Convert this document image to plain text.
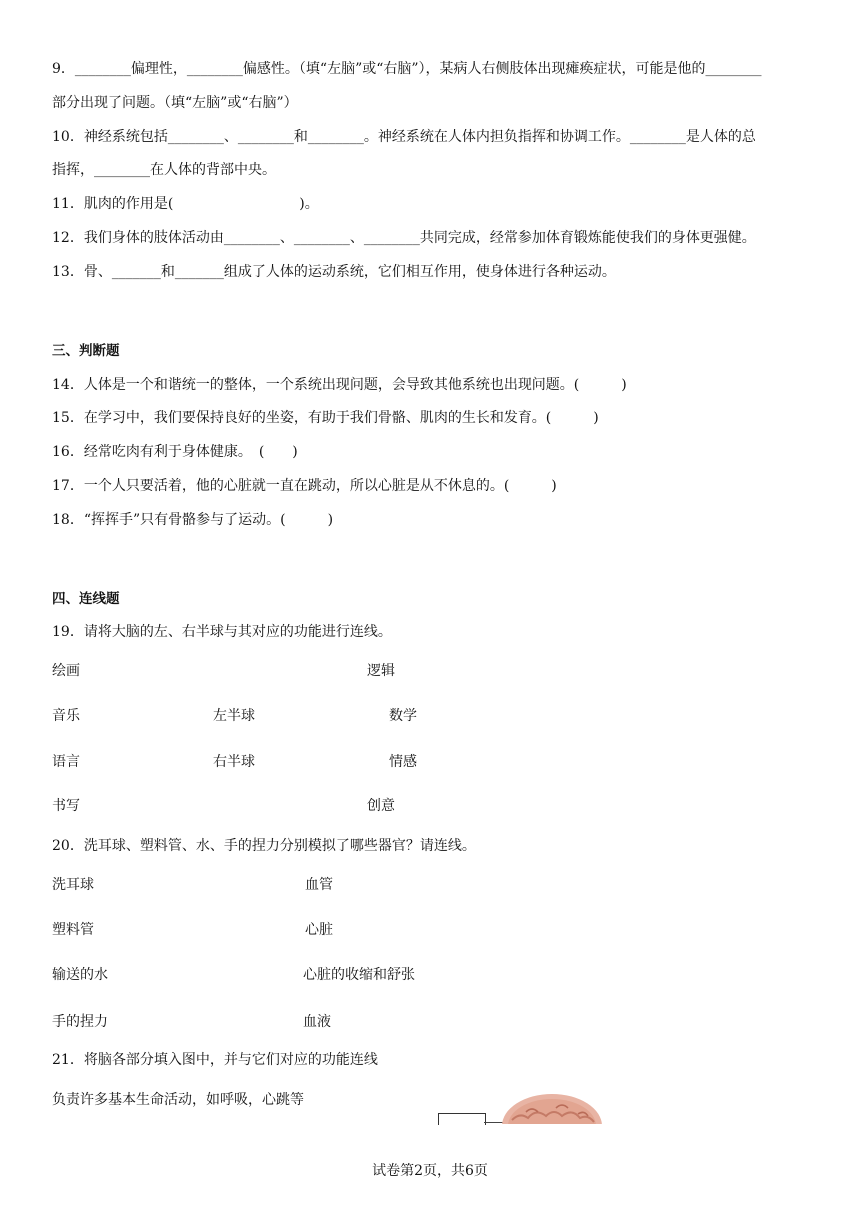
9．________偏理性，________偏感性。（填“左脑”或“右脑”），某病人右侧肢体出现瘫痪症状，可能是他的________
部分出现了问题。（填“左脑”或“右脑”）
10．神经系统包括________、________和________。神经系统在人体内担负指挥和协调工作。________是人体的总
指挥，________在人体的背部中央。
11．肌肉的作用是(　　　　　　　　　)。
12．我们身体的肢体活动由________、________、________共同完成，经常参加体育锻炼能使我们的身体更强健。
13．骨、_______和_______组成了人体的运动系统，它们相互作用，使身体进行各种运动。
三、判断题
14．人体是一个和谐统一的整体，一个系统出现问题，会导致其他系统也出现问题。(　　　)
15．在学习中，我们要保持良好的坐姿，有助于我们骨骼、肌肉的生长和发育。(　　　)
16．经常吃肉有利于身体健康。　(　　)
17．一个人只要活着，他的心脏就一直在跳动，所以心脏是从不休息的。(　　　)
18．“挥挥手”只有骨骼参与了运动。(　　　)
四、连线题
19．请将大脑的左、右半球与其对应的功能进行连线。
绘画
音乐
语言
书写
左半球
右半球
逻辑
数学
情感
创意
20．洗耳球、塑料管、水、手的捏力分别模拟了哪些器官？请连线。
洗耳球
塑料管
输送的水
手的捏力
血管
心脏
心脏的收缩和舒张
血液
21．将脑各部分填入图中，并与它们对应的功能连线
负责许多基本生命活动，如呼吸，心跳等
试卷第2页，共6页
